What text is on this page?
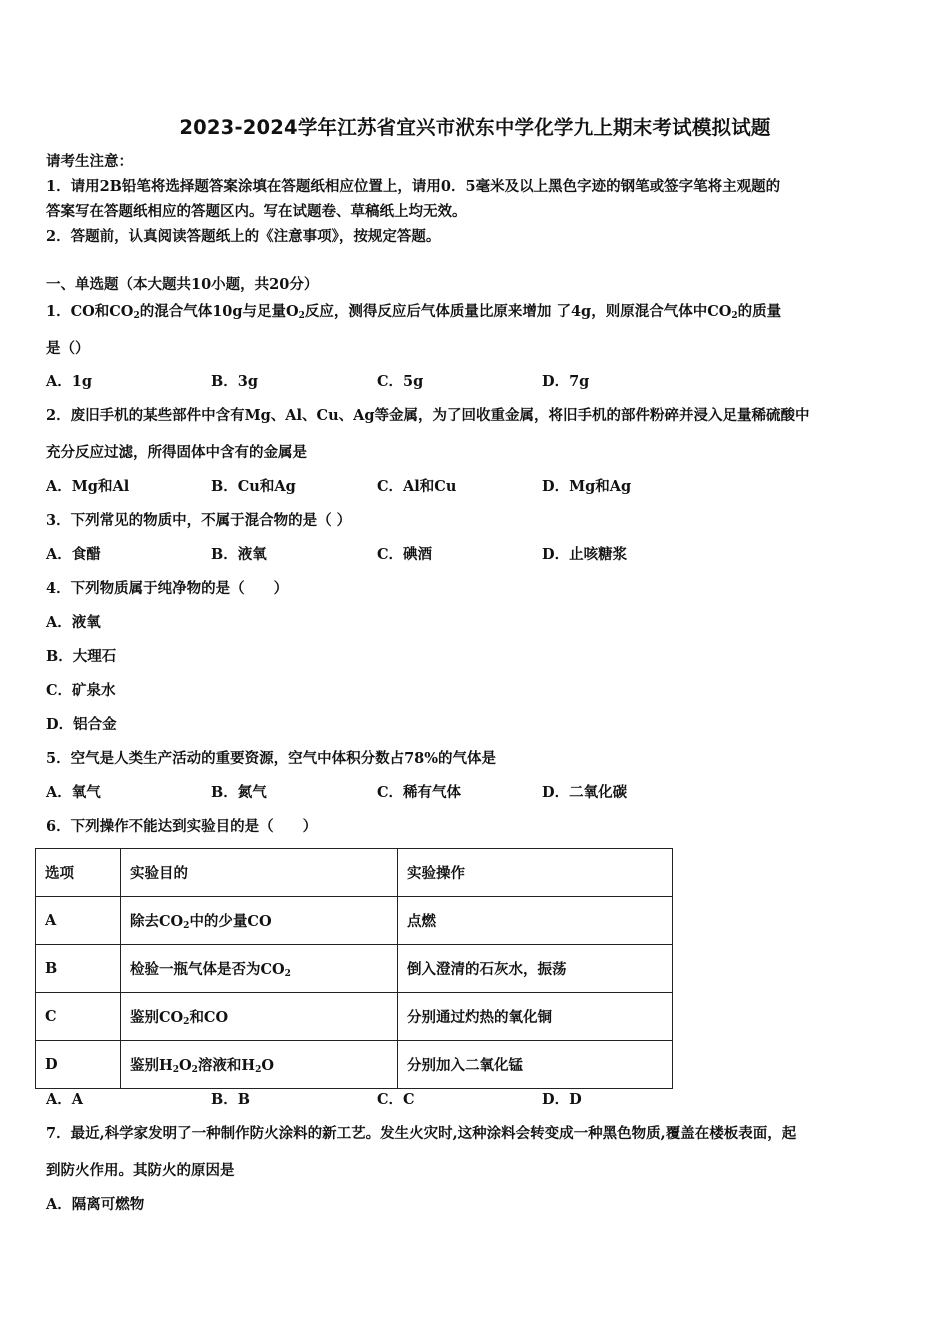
2023-2024学年江苏省宜兴市洑东中学化学九上期末考试模拟试题
请考生注意：
1．请用2B铅笔将选择题答案涂填在答题纸相应位置上，请用0．5毫米及以上黑色字迹的钢笔或签字笔将主观题的
答案写在答题纸相应的答题区内。写在试题卷、草稿纸上均无效。
2．答题前，认真阅读答题纸上的《注意事项》，按规定答题。
一、单选题（本大题共10小题，共20分）
1．CO和$CO_2$的混合气体10g与足量$O_2$反应，测得反应后气体质量比原来增加 了4g，则原混合气体中$CO_2$的质量
是（）
A．1g	B．3g	C．5g	D．7g
2．废旧手机的某些部件中含有Mg、Al、Cu、Ag等金属，为了回收重金属，将旧手机的部件粉碎并浸入足量稀硫酸中
充分反应过滤，所得固体中含有的金属是
A．Mg和Al	B．Cu和Ag	C．Al和Cu	D．Mg和Ag
3．下列常见的物质中，不属于混合物的是（ ）
A．食醋	B．液氧	C．碘酒	D．止咳糖浆
4．下列物质属于纯净物的是（　　）
A．液氧
B．大理石
C．矿泉水
D．铝合金
5．空气是人类生产活动的重要资源，空气中体积分数占78%的气体是
A．氧气	B．氮气	C．稀有气体	D．二氧化碳
6．下列操作不能达到实验目的是（　　）
选项	实验目的	实验操作
A	除去$CO_2$中的少量CO	点燃
B	检验一瓶气体是否为$CO_2$	倒入澄清的石灰水，振荡
C	鉴别$CO_2$和CO	分别通过灼热的氧化铜
D	鉴别$H_2O_2$溶液和$H_2O$	分别加入二氧化锰
A．A	B．B	C．C	D．D
7．最近,科学家发明了一种制作防火涂料的新工艺。发生火灾时,这种涂料会转变成一种黑色物质,覆盖在楼板表面，起
到防火作用。其防火的原因是
A．隔离可燃物
